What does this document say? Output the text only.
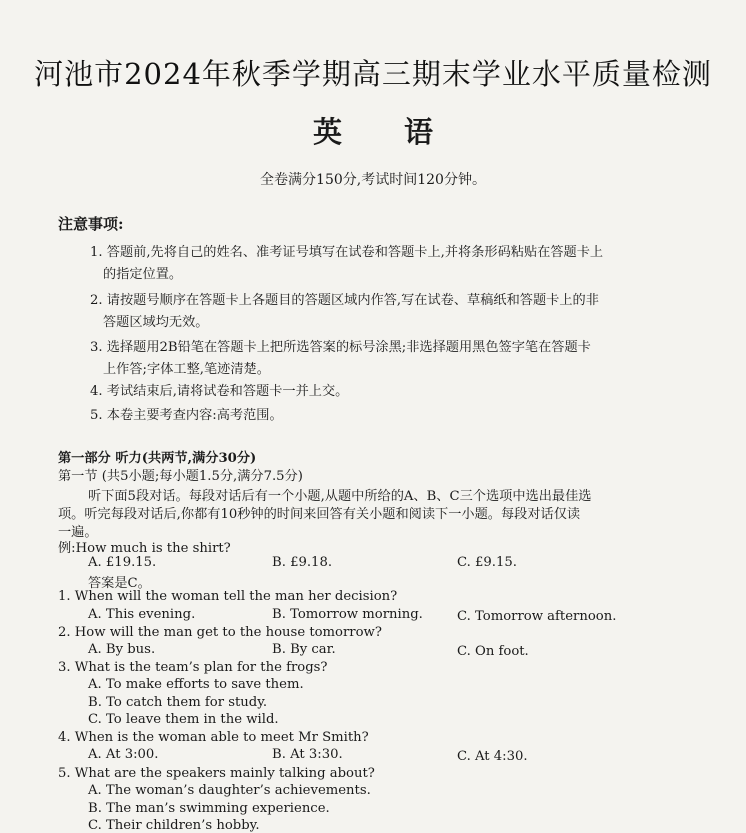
河池市2024年秋季学期高三期末学业水平质量检测
英 语
全卷满分150分,考试时间120分钟。
注意事项:
1. 答题前,先将自己的姓名、准考证号填写在试卷和答题卡上,并将条形码粘贴在答题卡上
的指定位置。
2. 请按题号顺序在答题卡上各题目的答题区域内作答,写在试卷、草稿纸和答题卡上的非
答题区域均无效。
3. 选择题用2B铅笔在答题卡上把所选答案的标号涂黑;非选择题用黑色签字笔在答题卡
上作答;字体工整,笔迹清楚。
4. 考试结束后,请将试卷和答题卡一并上交。
5. 本卷主要考查内容:高考范围。
第一部分 听力(共两节,满分30分)
第一节 (共5小题;每小题1.5分,满分7.5分)
听下面5段对话。每段对话后有一个小题,从题中所给的A、B、C三个选项中选出最佳选
项。听完每段对话后,你都有10秒钟的时间来回答有关小题和阅读下一小题。每段对话仅读
一遍。
例:How much is the shirt?
A. £19.15.	B. £9.18.	C. £9.15.
答案是C。
1. When will the woman tell the man her decision?
A. This evening.	B. Tomorrow morning.	C. Tomorrow afternoon.
2. How will the man get to the house tomorrow?
A. By bus.	B. By car.	C. On foot.
3. What is the team’s plan for the frogs?
A. To make efforts to save them.
B. To catch them for study.
C. To leave them in the wild.
4. When is the woman able to meet Mr Smith?
A. At 3:00.	B. At 3:30.	C. At 4:30.
5. What are the speakers mainly talking about?
A. The woman’s daughter’s achievements.
B. The man’s swimming experience.
C. Their children’s hobby.
